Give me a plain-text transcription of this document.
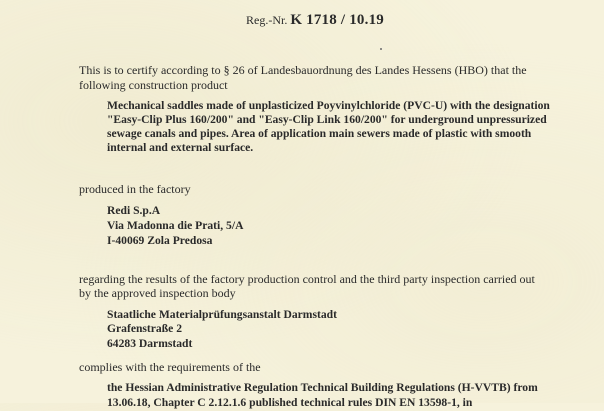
Reg.-Nr. K 1718 / 10.19
This is to certify according to § 26 of Landesbauordnung des Landes Hessens (HBO) that the
following construction product
Mechanical saddles made of unplasticized Poyvinylchloride (PVC-U) with the designation
"Easy-Clip Plus 160/200" and "Easy-Clip Link 160/200" for underground unpressurized
sewage canals and pipes. Area of application main sewers made of plastic with smooth
internal and external surface.
produced in the factory
Redi S.p.A
Via Madonna die Prati, 5/A
I-40069 Zola Predosa
regarding the results of the factory production control and the third party inspection carried out
by the approved inspection body
Staatliche Materialprüfungsanstalt Darmstadt
Grafenstraße 2
64283 Darmstadt
complies with the requirements of the
the Hessian Administrative Regulation Technical Building Regulations (H-VVTB) from
13.06.18, Chapter C 2.12.1.6 published technical rules DIN EN 13598-1, in
